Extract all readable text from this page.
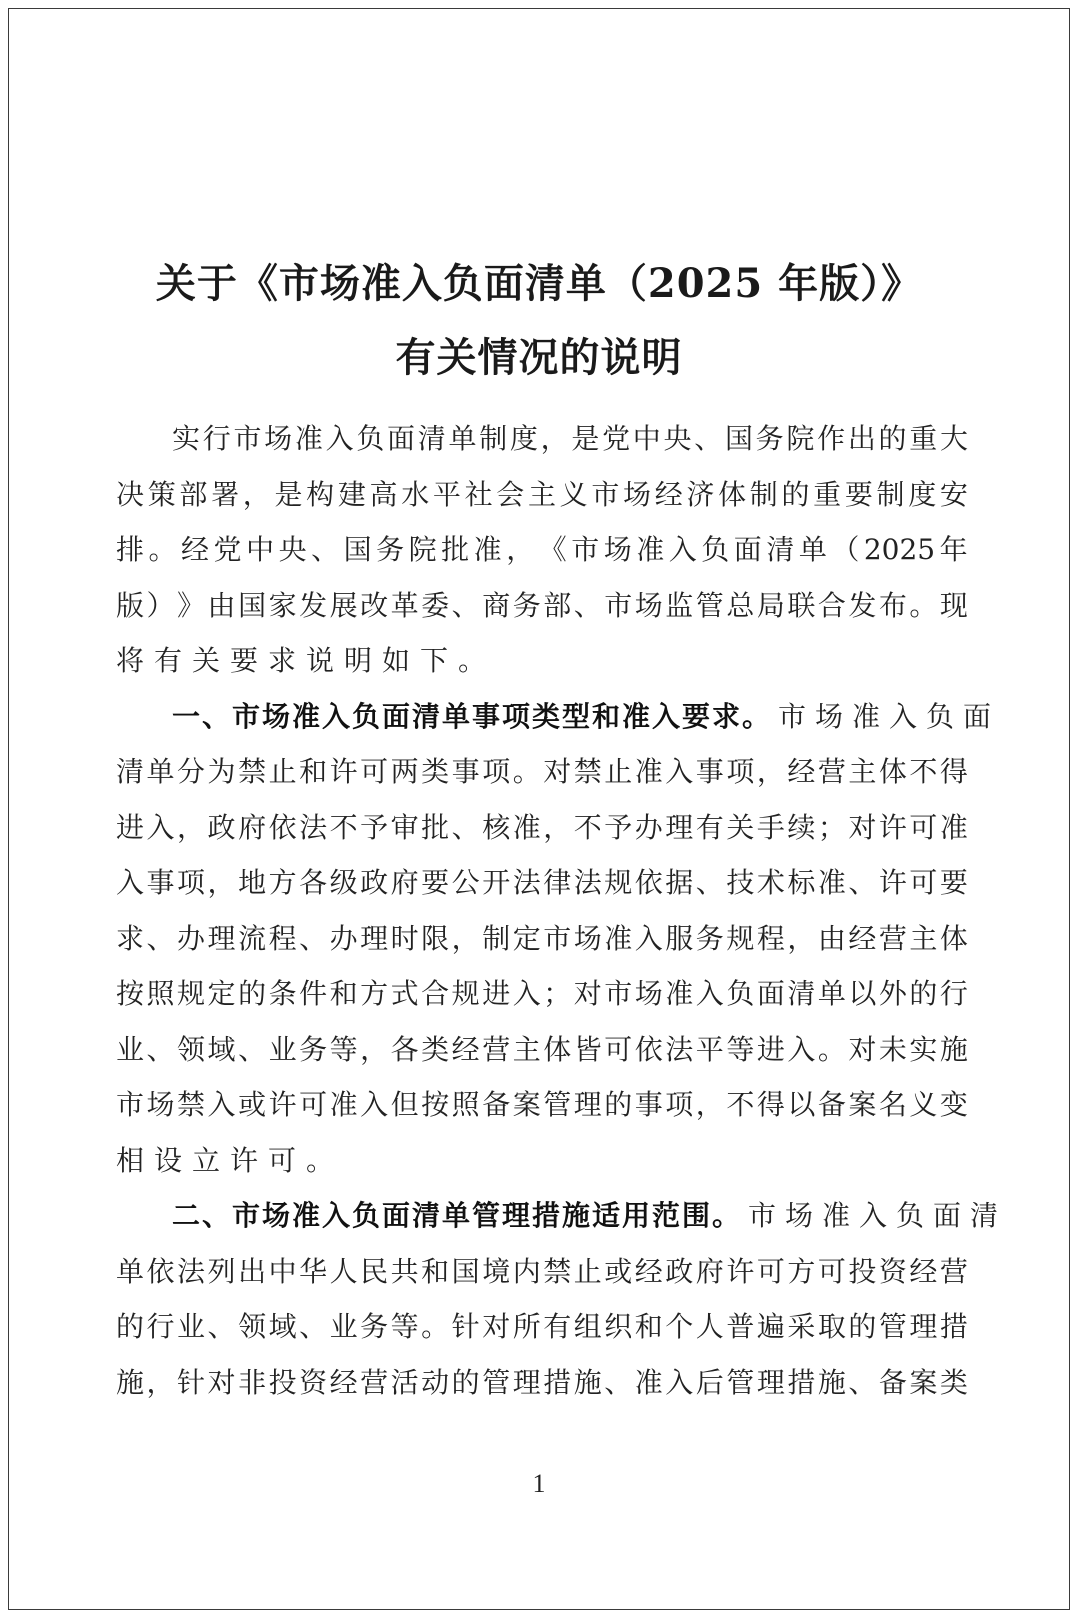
关于《市场准入负面清单（2025 年版）》
有关情况的说明
实 行 市 场 准 入 负 面 清 单 制 度 ， 是 党 中 央 、 国 务 院 作 出 的 重 大
决 策 部 署 ， 是 构 建 高 水 平 社 会 主 义 市 场 经 济 体 制 的 重 要 制 度 安
排 。 经 党 中 央 、 国 务 院 批 准 ， 《 市 场 准 入 负 面 清 单 （ 2025 年
版 ） 》 由 国 家 发 展 改 革 委 、 商 务 部 、 市 场 监 管 总 局 联 合 发 布 。 现
将有关要求说明如下。
一、市场准入负面清单事项类型和准入要求。 市场准入负面
清 单 分 为 禁 止 和 许 可 两 类 事 项 。 对 禁 止 准 入 事 项 ， 经 营 主 体 不 得
进 入 ， 政 府 依 法 不 予 审 批 、 核 准 ， 不 予 办 理 有 关 手 续 ； 对 许 可 准
入 事 项 ， 地 方 各 级 政 府 要 公 开 法 律 法 规 依 据 、 技 术 标 准 、 许 可 要
求 、 办 理 流 程 、 办 理 时 限 ， 制 定 市 场 准 入 服 务 规 程 ， 由 经 营 主 体
按 照 规 定 的 条 件 和 方 式 合 规 进 入 ； 对 市 场 准 入 负 面 清 单 以 外 的 行
业 、 领 域 、 业 务 等 ， 各 类 经 营 主 体 皆 可 依 法 平 等 进 入 。 对 未 实 施
市 场 禁 入 或 许 可 准 入 但 按 照 备 案 管 理 的 事 项 ， 不 得 以 备 案 名 义 变
相设立许可。
二、市场准入负面清单管理措施适用范围。 市场准入负面清
单 依 法 列 出 中 华 人 民 共 和 国 境 内 禁 止 或 经 政 府 许 可 方 可 投 资 经 营
的 行 业 、 领 域 、 业 务 等 。 针 对 所 有 组 织 和 个 人 普 遍 采 取 的 管 理 措
施 ， 针 对 非 投 资 经 营 活 动 的 管 理 措 施 、 准 入 后 管 理 措 施 、 备 案 类
1
